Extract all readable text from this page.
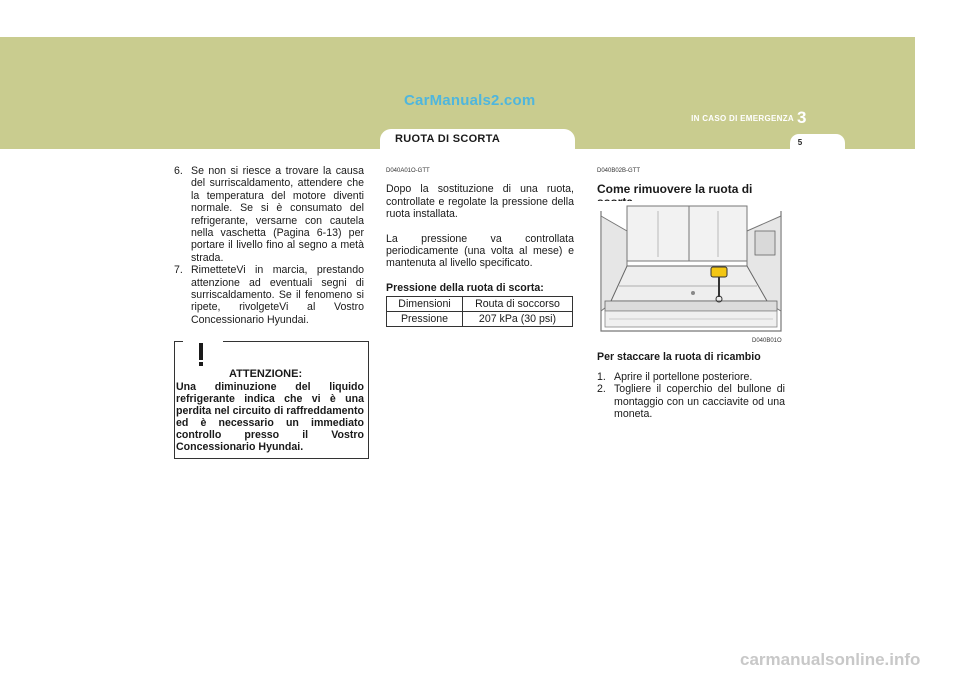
CarManuals2.com
IN CASO DI EMERGENZA 3
5
RUOTA DI SCORTA

6. Se non si riesce a trovare la causa del surriscaldamento, attendere che la temperatura del motore diventi normale. Se si è consumato del refrigerante, versarne con cautela nella vaschetta (Pagina 6-13) per portare il livello fino al segno a metà strada.

7. RimetteteVi in marcia, prestando attenzione ad eventuali segni di surriscaldamento. Se il fenomeno si ripete, rivolgeteVi al Vostro Concessionario Hyundai.

ATTENZIONE:
Una diminuzione del liquido refrigerante indica che vi è una perdita nel circuito di raffreddamento ed è necessario un immediato controllo presso il Vostro Concessionario Hyundai.

D040A01O-GTT

Dopo la sostituzione di una ruota, controllate e regolate la pressione della ruota installata.

La pressione va controllata periodicamente (una volta al mese) e mantenuta al livello specificato.

Pressione della ruota di scorta:

Dimensioni	Routa di soccorso
Pressione	207 kPa (30 psi)

D040B02B-GTT

Come rimuovere la ruota di

D040B01O
Per staccare la ruota di ricambio

1. Aprire il portellone posteriore.

2. Togliere il coperchio del bullone di montaggio con un cacciavite od una moneta.

carmanualsonline.info
